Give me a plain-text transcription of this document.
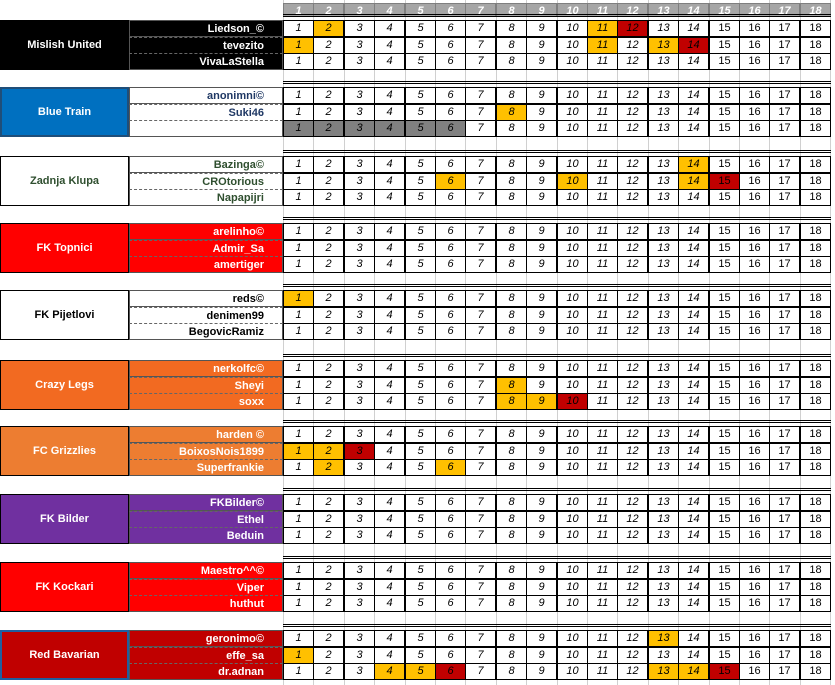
1	2	3	4	5	6	7	8	9	10	11	12	13	14	15	16	17	18
Mislish United
Liedson_©	1	2	3	4	5	6	7	8	9	10	11	12	13	14	15	16	17	18
tevezito	1	2	3	4	5	6	7	8	9	10	11	12	13	14	15	16	17	18
VivaLaStella	1	2	3	4	5	6	7	8	9	10	11	12	13	14	15	16	17	18
Blue Train
anonimni©	1	2	3	4	5	6	7	8	9	10	11	12	13	14	15	16	17	18
Suki46	1	2	3	4	5	6	7	8	9	10	11	12	13	14	15	16	17	18
1	2	3	4	5	6	7	8	9	10	11	12	13	14	15	16	17	18
Zadnja Klupa
Bazinga©	1	2	3	4	5	6	7	8	9	10	11	12	13	14	15	16	17	18
CROtorious	1	2	3	4	5	6	7	8	9	10	11	12	13	14	15	16	17	18
Napapijri	1	2	3	4	5	6	7	8	9	10	11	12	13	14	15	16	17	18
FK Topnici
arelinho©	1	2	3	4	5	6	7	8	9	10	11	12	13	14	15	16	17	18
Admir_Sa	1	2	3	4	5	6	7	8	9	10	11	12	13	14	15	16	17	18
amertiger	1	2	3	4	5	6	7	8	9	10	11	12	13	14	15	16	17	18
FK Pijetlovi
reds©	1	2	3	4	5	6	7	8	9	10	11	12	13	14	15	16	17	18
denimen99	1	2	3	4	5	6	7	8	9	10	11	12	13	14	15	16	17	18
BegovicRamiz	1	2	3	4	5	6	7	8	9	10	11	12	13	14	15	16	17	18
Crazy Legs
nerkolfc©	1	2	3	4	5	6	7	8	9	10	11	12	13	14	15	16	17	18
Sheyi	1	2	3	4	5	6	7	8	9	10	11	12	13	14	15	16	17	18
soxx	1	2	3	4	5	6	7	8	9	10	11	12	13	14	15	16	17	18
FC Grizzlies
harden ©	1	2	3	4	5	6	7	8	9	10	11	12	13	14	15	16	17	18
BoixosNois1899	1	2	3	4	5	6	7	8	9	10	11	12	13	14	15	16	17	18
Superfrankie	1	2	3	4	5	6	7	8	9	10	11	12	13	14	15	16	17	18
FK Bilder
FKBilder©	1	2	3	4	5	6	7	8	9	10	11	12	13	14	15	16	17	18
Ethel	1	2	3	4	5	6	7	8	9	10	11	12	13	14	15	16	17	18
Beduin	1	2	3	4	5	6	7	8	9	10	11	12	13	14	15	16	17	18
FK Kockari
Maestro^^©	1	2	3	4	5	6	7	8	9	10	11	12	13	14	15	16	17	18
Viper	1	2	3	4	5	6	7	8	9	10	11	12	13	14	15	16	17	18
huthut	1	2	3	4	5	6	7	8	9	10	11	12	13	14	15	16	17	18
Red Bavarian
geronimo©	1	2	3	4	5	6	7	8	9	10	11	12	13	14	15	16	17	18
effe_sa	1	2	3	4	5	6	7	8	9	10	11	12	13	14	15	16	17	18
dr.adnan	1	2	3	4	5	6	7	8	9	10	11	12	13	14	15	16	17	18
